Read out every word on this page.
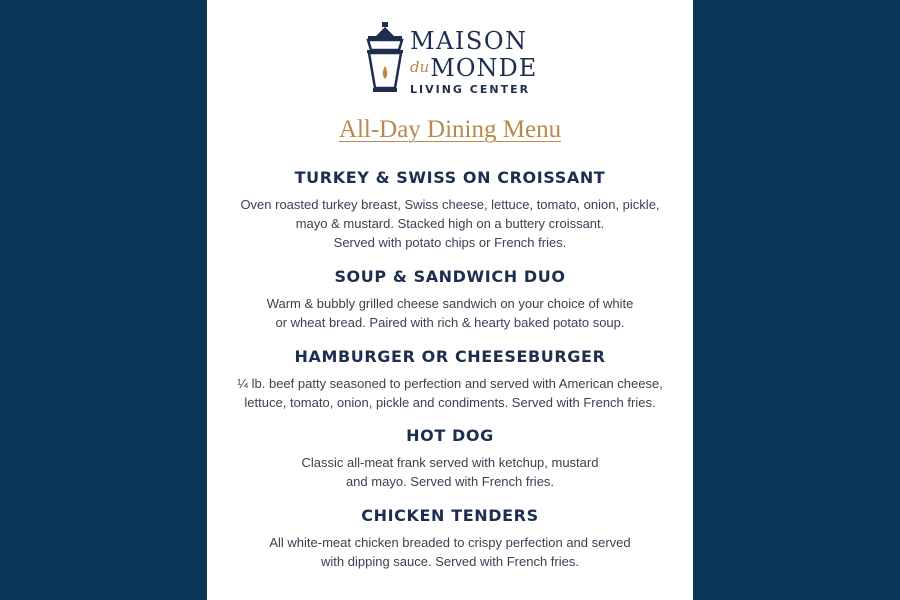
MAISON
duMONDE
LIVING CENTER
All-Day Dining Menu
TURKEY & SWISS ON CROISSANT
Oven roasted turkey breast, Swiss cheese, lettuce, tomato, onion, pickle,
mayo & mustard. Stacked high on a buttery croissant.
Served with potato chips or French fries.
SOUP & SANDWICH DUO
Warm & bubbly grilled cheese sandwich on your choice of white
or wheat bread. Paired with rich & hearty baked potato soup.
HAMBURGER OR CHEESEBURGER
¼ lb. beef patty seasoned to perfection and served with American cheese,
lettuce, tomato, onion, pickle and condiments. Served with French fries.
HOT DOG
Classic all-meat frank served with ketchup, mustard
and mayo. Served with French fries.
CHICKEN TENDERS
All white-meat chicken breaded to crispy perfection and served
with dipping sauce. Served with French fries.
